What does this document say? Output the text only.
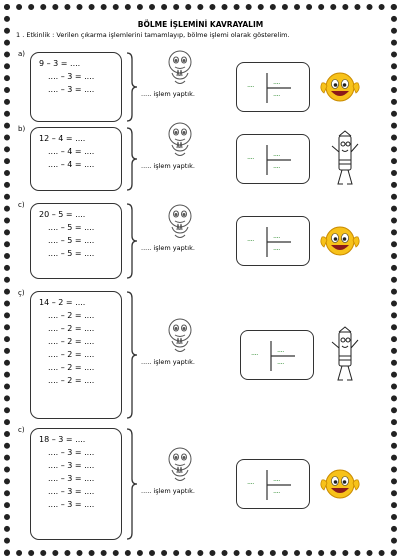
BÖLME İŞLEMİNİ KAVRAYALIM
1 . Etkinlik : Verilen çıkarma işlemlerini tamamlayıp, bölme işlemi olarak gösterelim.
a)
9 – 3 = ....
.... – 3 = ....
.... – 3 = ....	..... işlem yaptık.
....	....
....
b)
12 – 4 = ....
.... – 4 = ....
.... – 4 = ....	..... işlem yaptık.
....	....
....
c)
20 – 5 = ....
.... – 5 = ....
.... – 5 = ....
.... – 5 = ....
..... işlem yaptık.
....	....
....
ç)
14 – 2 = ....
.... – 2 = ....
.... – 2 = ....
.... – 2 = ....
.... – 2 = ....
.... – 2 = ....
.... – 2 = ....
..... işlem yaptık.
....	....
....
c)
18 – 3 = ....
.... – 3 = ....
.... – 3 = ....
.... – 3 = ....
.... – 3 = ....
.... – 3 = ....
..... işlem yaptık.
....	....
....
